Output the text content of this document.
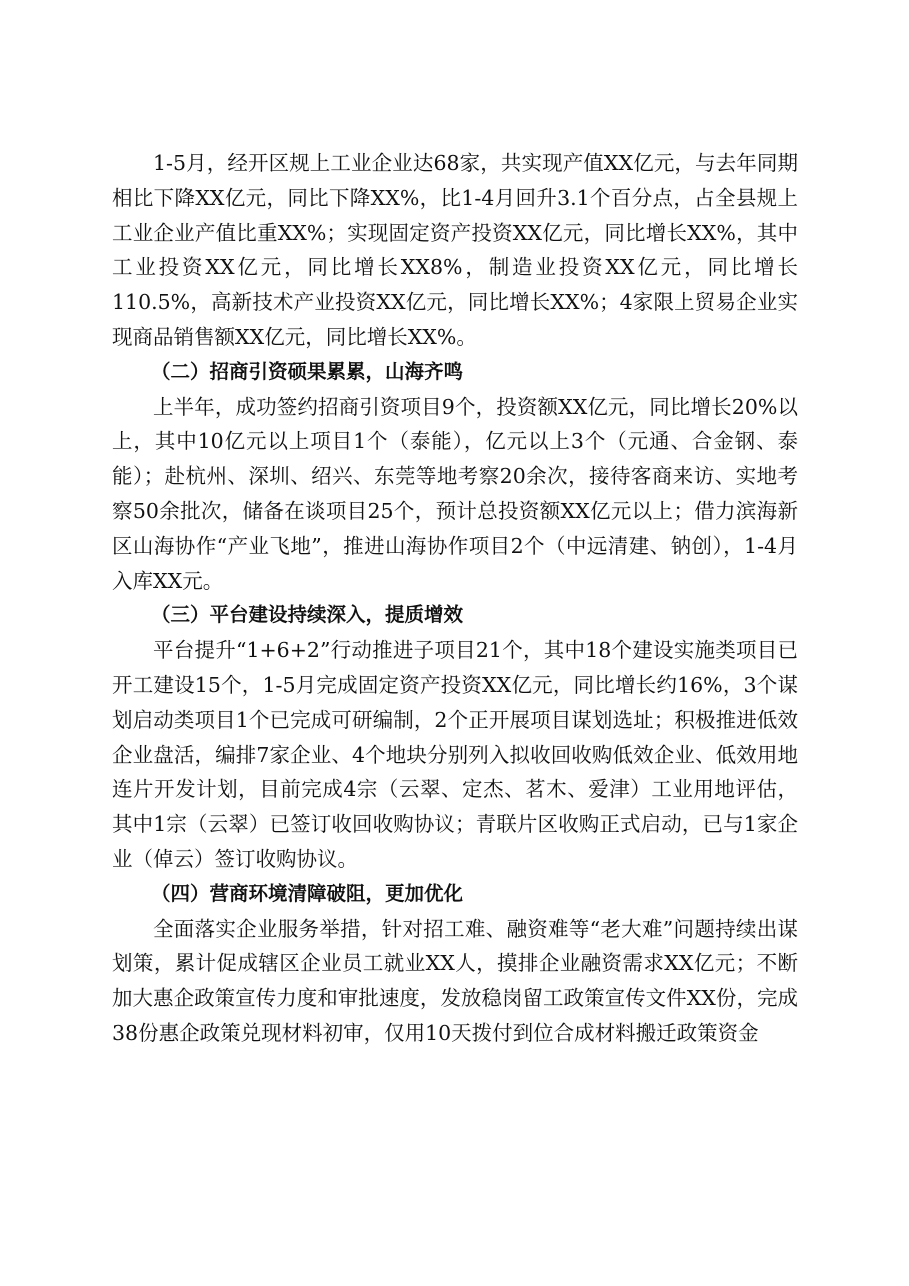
1-5月，经开区规上工业企业达68家，共实现产值XX亿元，与去年同期相比下降XX亿元，同比下降XX%，比1-4月回升3.1个百分点，占全县规上工业企业产值比重XX%；实现固定资产投资XX亿元，同比增长XX%，其中工业投资XX亿元，同比增长XX8%，制造业投资XX亿元，同比增长110.5%，高新技术产业投资XX亿元，同比增长XX%；4家限上贸易企业实现商品销售额XX亿元，同比增长XX%。

（二）招商引资硕果累累，山海齐鸣

上半年，成功签约招商引资项目9个，投资额XX亿元，同比增长20%以上，其中10亿元以上项目1个（泰能），亿元以上3个（元通、合金钢、泰能）；赴杭州、深圳、绍兴、东莞等地考察20余次，接待客商来访、实地考察50余批次，储备在谈项目25个，预计总投资额XX亿元以上；借力滨海新区山海协作“产业飞地”，推进山海协作项目2个（中远清建、钠创），1-4月入库XX元。

（三）平台建设持续深入，提质增效

平台提升“1+6+2”行动推进子项目21个，其中18个建设实施类项目已开工建设15个，1-5月完成固定资产投资XX亿元，同比增长约16%，3个谋划启动类项目1个已完成可研编制，2个正开展项目谋划选址；积极推进低效企业盘活，编排7家企业、4个地块分别列入拟收回收购低效企业、低效用地连片开发计划，目前完成4宗（云翠、定杰、茗木、爱津）工业用地评估，其中1宗（云翠）已签订收回收购协议；青联片区收购正式启动，已与1家企业（倬云）签订收购协议。

（四）营商环境清障破阻，更加优化

全面落实企业服务举措，针对招工难、融资难等“老大难”问题持续出谋划策，累计促成辖区企业员工就业XX人，摸排企业融资需求XX亿元；不断加大惠企政策宣传力度和审批速度，发放稳岗留工政策宣传文件XX份，完成38份惠企政策兑现材料初审，仅用10天拨付到位合成材料搬迁政策资金
